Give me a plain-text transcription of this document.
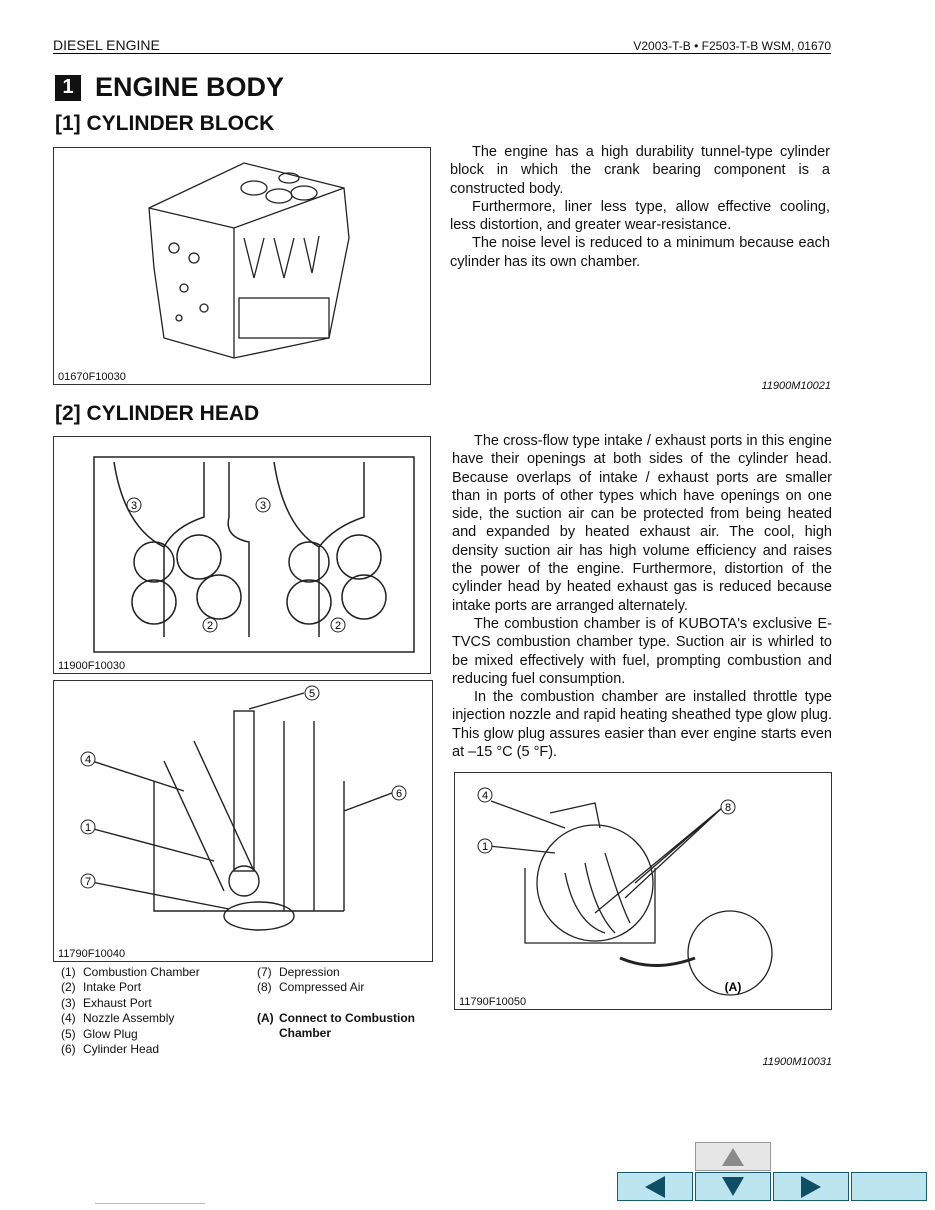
DIESEL ENGINE	V2003-T-B • F2503-T-B WSM, 01670
1 ENGINE BODY
[1] CYLINDER BLOCK
01670F10030

The engine has a high durability tunnel-type cylinder block in which the crank bearing component is a constructed body.

Furthermore, liner less type, allow effective cooling, less distortion, and greater wear-resistance.

The noise level is reduced to a minimum because each cylinder has its own chamber.

11900M10021
[2] CYLINDER HEAD
3	3
2	2
11900F10030
5
4
6
1
7
11790F10040
(1) Combustion Chamber
(2) Intake Port
(3) Exhaust Port
(4) Nozzle Assembly
(5) Glow Plug
(6) Cylinder Head
(7) Depression
(8) Compressed Air
(A) Connect to Combustion
Chamber

The cross-flow type intake / exhaust ports in this engine have their openings at both sides of the cylinder head. Because overlaps of intake / exhaust ports are smaller than in ports of other types which have openings on one side, the suction air can be protected from being heated and expanded by heated exhaust air. The cool, high density suction air has high volume efficiency and raises the power of the engine. Furthermore, distortion of the cylinder head by heated exhaust gas is reduced because intake ports are arranged alternately.

The combustion chamber is of KUBOTA's exclusive E-TVCS combustion chamber type. Suction air is whirled to be mixed effectively with fuel, prompting combustion and reducing fuel consumption.

In the combustion chamber are installed throttle type injection nozzle and rapid heating sheathed type glow plug. This glow plug assures easier than ever engine starts even at –15 °C (5 °F).

4
1
8
(A)
11790F10050
11900M10031
